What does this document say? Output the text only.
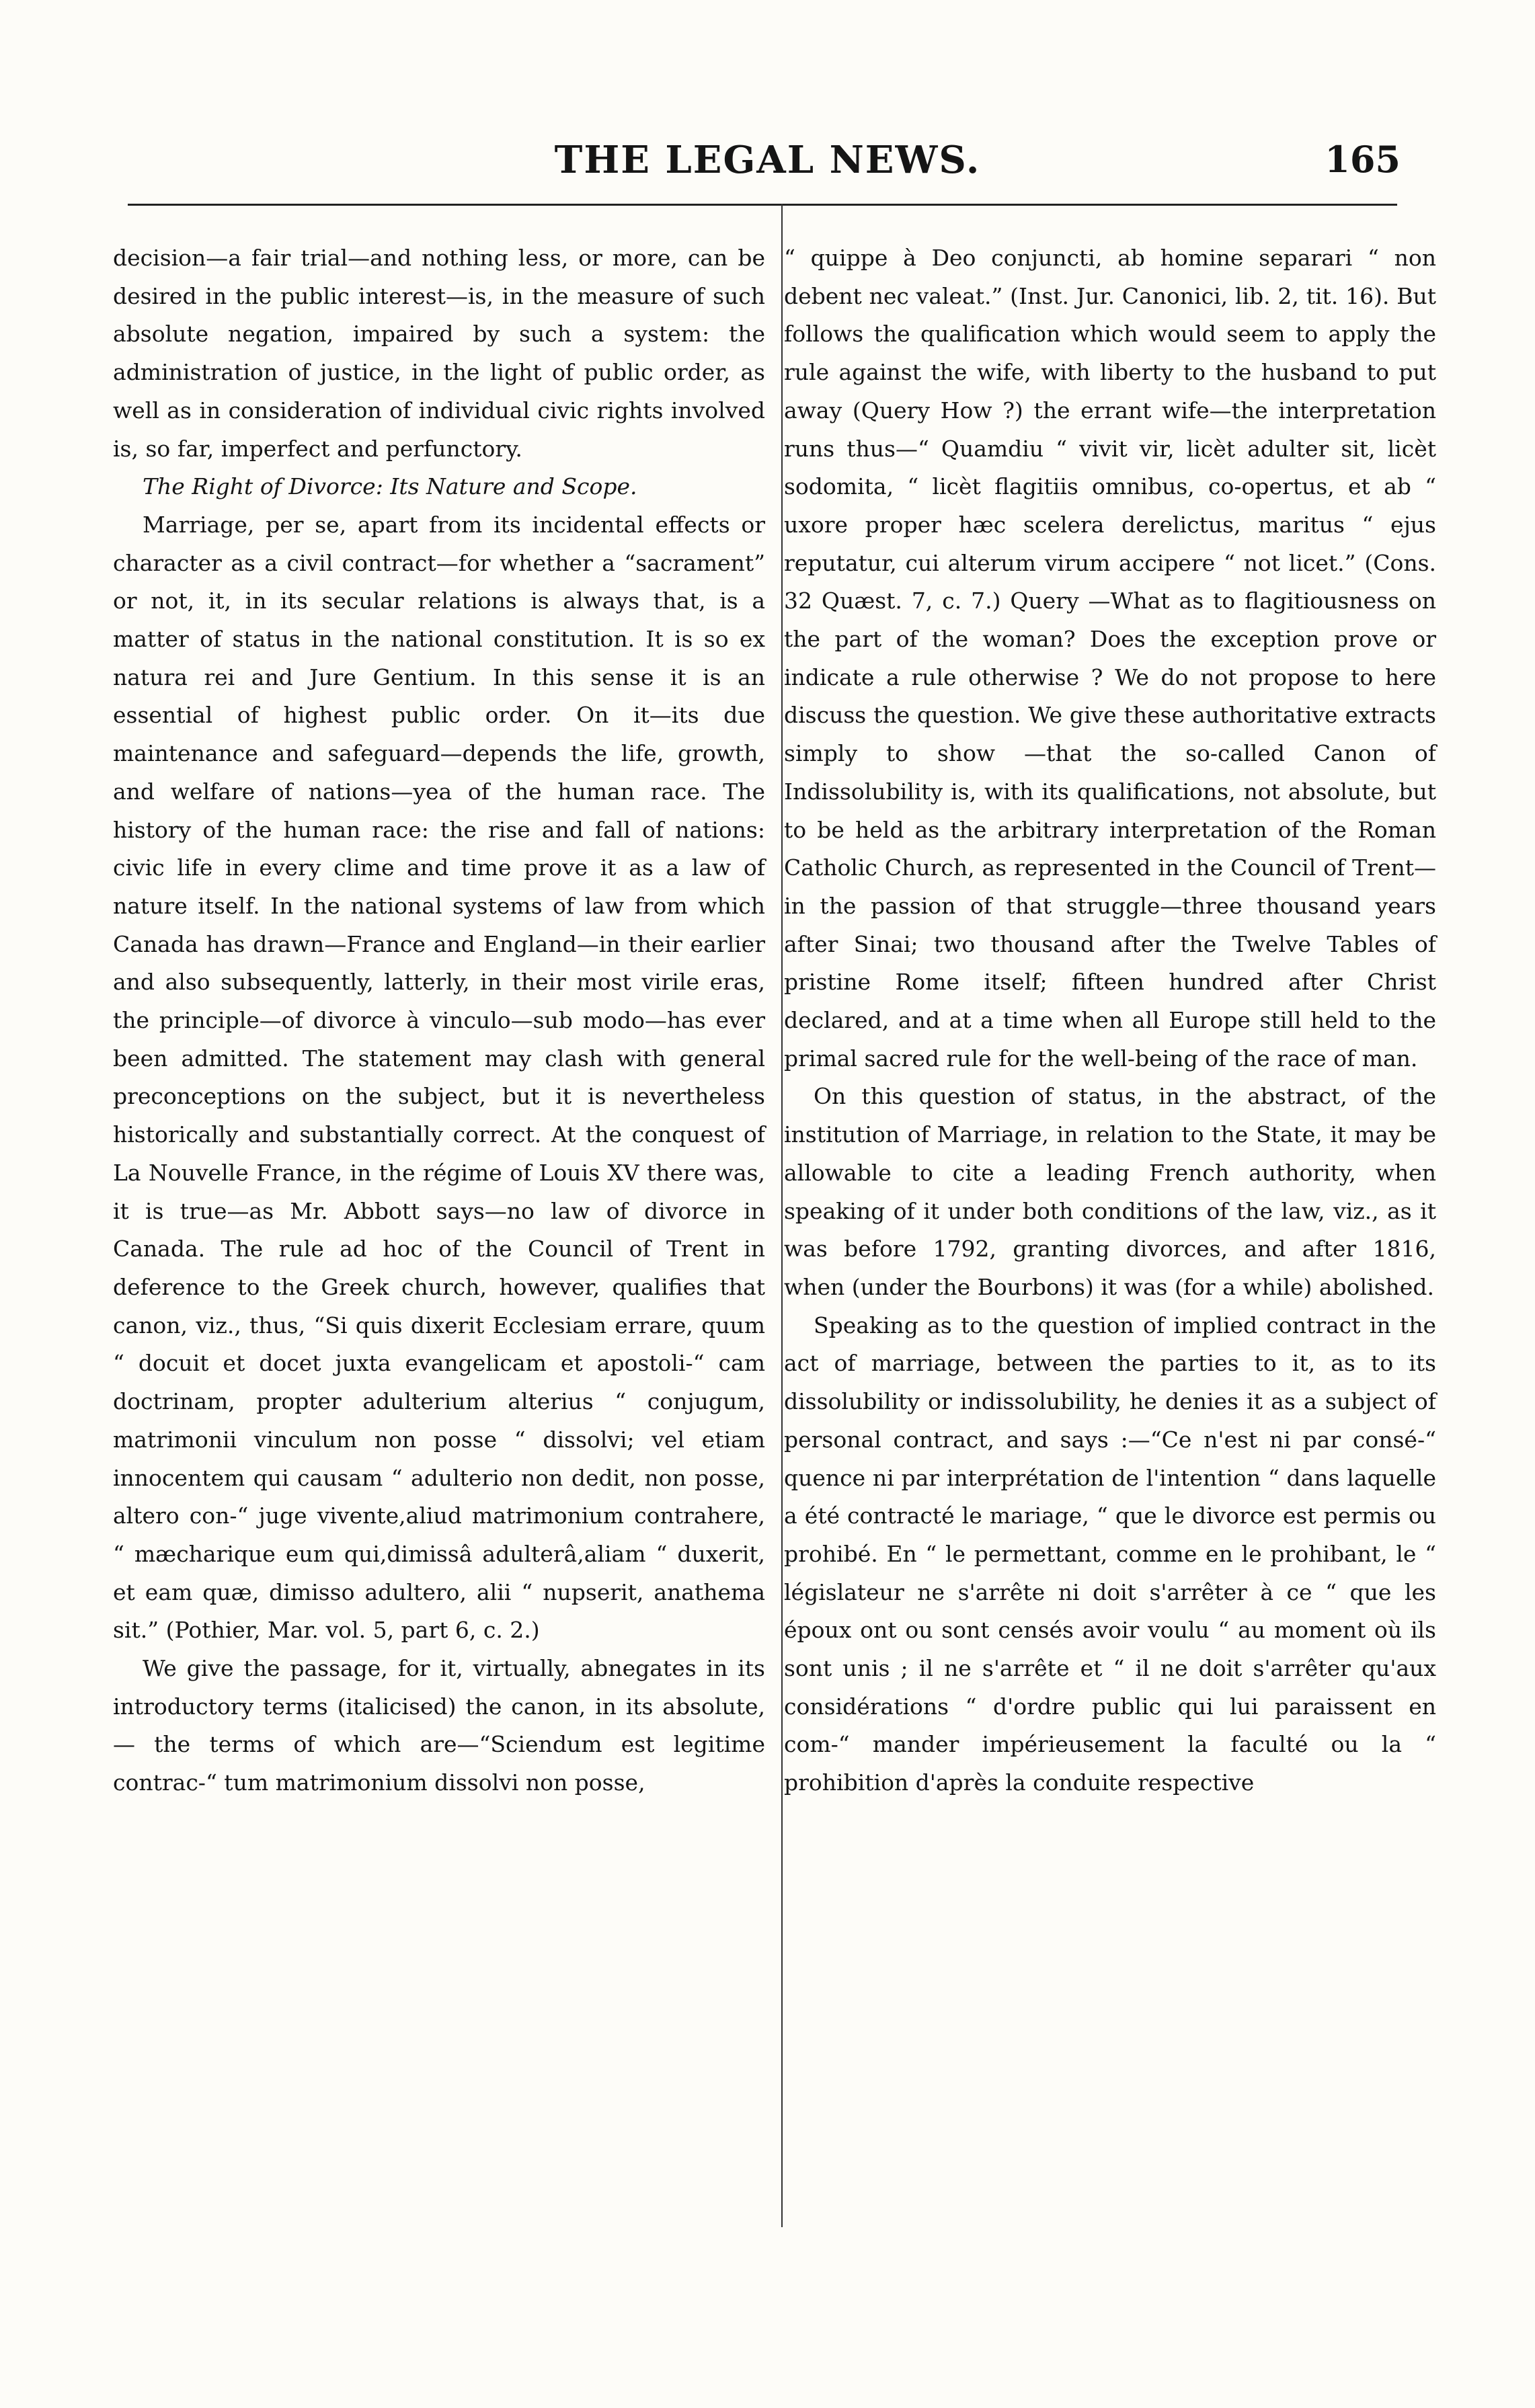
THE LEGAL NEWS.	165

decision—a fair trial—and nothing less, or more, can be desired in the public interest—is, in the measure of such absolute negation, impaired by such a system: the administration of justice, in the light of public order, as well as in consideration of individual civic rights involved is, so far, imperfect and perfunctory.

The Right of Divorce: Its Nature and Scope.

Marriage, per se, apart from its incidental effects or character as a civil contract—for whether a “sacrament” or not, it, in its secular relations is always that, is a matter of status in the national constitution. It is so ex natura rei and Jure Gentium. In this sense it is an essential of highest public order. On it—its due maintenance and safeguard—depends the life, growth, and welfare of nations—yea of the human race. The history of the human race: the rise and fall of nations: civic life in every clime and time prove it as a law of nature itself. In the national systems of law from which Canada has drawn—France and England—in their earlier and also subsequently, latterly, in their most virile eras, the principle—of divorce à vinculo—sub modo—has ever been admitted. The statement may clash with general preconceptions on the subject, but it is nevertheless historically and substantially correct. At the conquest of La Nouvelle France, in the régime of Louis XV there was, it is true—as Mr. Abbott says—no law of divorce in Canada. The rule ad hoc of the Council of Trent in deference to the Greek church, however, qualifies that canon, viz., thus, “Si quis dixerit Ecclesiam errare, quum “ docuit et docet juxta evangelicam et apostoli-“ cam doctrinam, propter adulterium alterius “ conjugum, matrimonii vinculum non posse “ dissolvi; vel etiam innocentem qui causam “ adulterio non dedit, non posse, altero con-“ juge vivente,aliud matrimonium contrahere, “ mæcharique eum qui,dimissâ adulterâ,aliam “ duxerit, et eam quæ, dimisso adultero, alii “ nupserit, anathema sit.” (Pothier, Mar. vol. 5, part 6, c. 2.)

We give the passage, for it, virtually, abnegates in its introductory terms (italicised) the canon, in its absolute,— the terms of which are—“Sciendum est legitime contrac-“ tum matrimonium dissolvi non posse,

“ quippe à Deo conjuncti, ab homine separari “ non debent nec valeat.” (Inst. Jur. Canonici, lib. 2, tit. 16). But follows the qualification which would seem to apply the rule against the wife, with liberty to the husband to put away (Query How ?) the errant wife—the interpretation runs thus—“ Quamdiu “ vivit vir, licèt adulter sit, licèt sodomita, “ licèt flagitiis omnibus, co-opertus, et ab “ uxore proper hæc scelera derelictus, maritus “ ejus reputatur, cui alterum virum accipere “ not licet.” (Cons. 32 Quæst. 7, c. 7.) Query —What as to flagitiousness on the part of the woman? Does the exception prove or indicate a rule otherwise ? We do not propose to here discuss the question. We give these authoritative extracts simply to show —that the so-called Canon of Indissolubility is, with its qualifications, not absolute, but to be held as the arbitrary interpretation of the Roman Catholic Church, as represented in the Council of Trent—in the passion of that struggle—three thousand years after Sinai; two thousand after the Twelve Tables of pristine Rome itself; fifteen hundred after Christ declared, and at a time when all Europe still held to the primal sacred rule for the well-being of the race of man.

On this question of status, in the abstract, of the institution of Marriage, in relation to the State, it may be allowable to cite a leading French authority, when speaking of it under both conditions of the law, viz., as it was before 1792, granting divorces, and after 1816, when (under the Bourbons) it was (for a while) abolished.

Speaking as to the question of implied contract in the act of marriage, between the parties to it, as to its dissolubility or indissolubility, he denies it as a subject of personal contract, and says :—“Ce n'est ni par consé-“ quence ni par interprétation de l'intention “ dans laquelle a été contracté le mariage, “ que le divorce est permis ou prohibé. En “ le permettant, comme en le prohibant, le “ législateur ne s'arrête ni doit s'arrêter à ce “ que les époux ont ou sont censés avoir voulu “ au moment où ils sont unis ; il ne s'arrête et “ il ne doit s'arrêter qu'aux considérations “ d'ordre public qui lui paraissent en com-“ mander impérieusement la faculté ou la “ prohibition d'après la conduite respective
